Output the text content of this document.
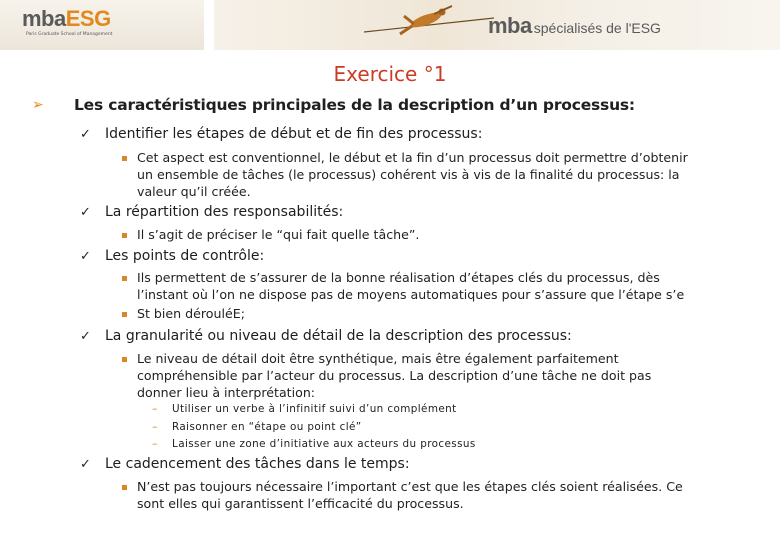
mbaESG
Paris Graduate School of Management	mba spécialisés de l'ESG
Exercice °1
➢ Les caractéristiques principales de la description d’un processus:
✓ Identifier les étapes de début et de fin des processus:
Cet aspect est conventionnel, le début et la fin d’un processus doit permettre d’obtenir
un ensemble de tâches (le processus) cohérent vis à vis de la finalité du processus: la
valeur qu’il créée.
✓ La répartition des responsabilités:
Il s’agit de préciser le “qui fait quelle tâche”.
✓ Les points de contrôle:
Ils permettent de s’assurer de la bonne réalisation d’étapes clés du processus, dès
l’instant où l’on ne dispose pas de moyens automatiques pour s’assure que l’étape s’e
St bien dérouléE;
✓ La granularité ou niveau de détail de la description des processus:
Le niveau de détail doit être synthétique, mais être également parfaitement
compréhensible par l’acteur du processus. La description d’une tâche ne doit pas
donner lieu à interprétation:
– Utiliser un verbe à l’infinitif suivi d’un complément
– Raisonner en “étape ou point clé”
– Laisser une zone d’initiative aux acteurs du processus
✓ Le cadencement des tâches dans le temps:
N’est pas toujours nécessaire l’important c’est que les étapes clés soient réalisées. Ce
sont elles qui garantissent l’efficacité du processus.
